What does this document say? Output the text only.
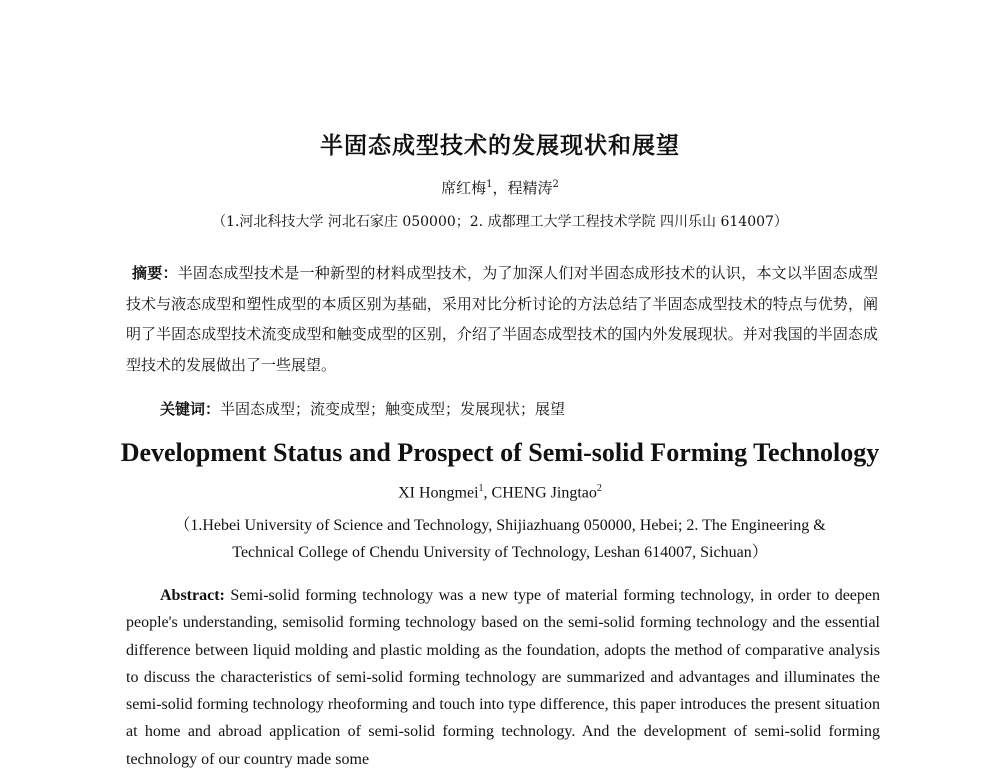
半固态成型技术的发展现状和展望
席红梅$^1$，程精涛$^2$
（1.河北科技大学 河北石家庄 050000；2. 成都理工大学工程技术学院 四川乐山 614007）
摘要：半固态成型技术是一种新型的材料成型技术，为了加深人们对半固态成形技术的认识，本文以半固态成型技术与液态成型和塑性成型的本质区别为基础，采用对比分析讨论的方法总结了半固态成型技术的特点与优势，阐明了半固态成型技术流变成型和触变成型的区别，介绍了半固态成型技术的国内外发展现状。并对我国的半固态成型技术的发展做出了一些展望。
关键词：半固态成型；流变成型；触变成型；发展现状；展望
Development Status and Prospect of Semi-solid Forming Technology
XI Hongmei$^1$, CHENG Jingtao$^2$
（1.Hebei University of Science and Technology, Shijiazhuang 050000, Hebei; 2. The Engineering & Technical College of Chendu University of Technology, Leshan 614007, Sichuan）
Abstract: Semi-solid forming technology was a new type of material forming technology, in order to deepen people's understanding, semisolid forming technology based on the semi-solid forming technology and the essential difference between liquid molding and plastic molding as the foundation, adopts the method of comparative analysis to discuss the characteristics of semi-solid forming technology are summarized and advantages and illuminates the semi-solid forming technology rheoforming and touch into type difference, this paper introduces the present situation at home and abroad application of semi-solid forming technology. And the development of semi-solid forming technology of our country made some
